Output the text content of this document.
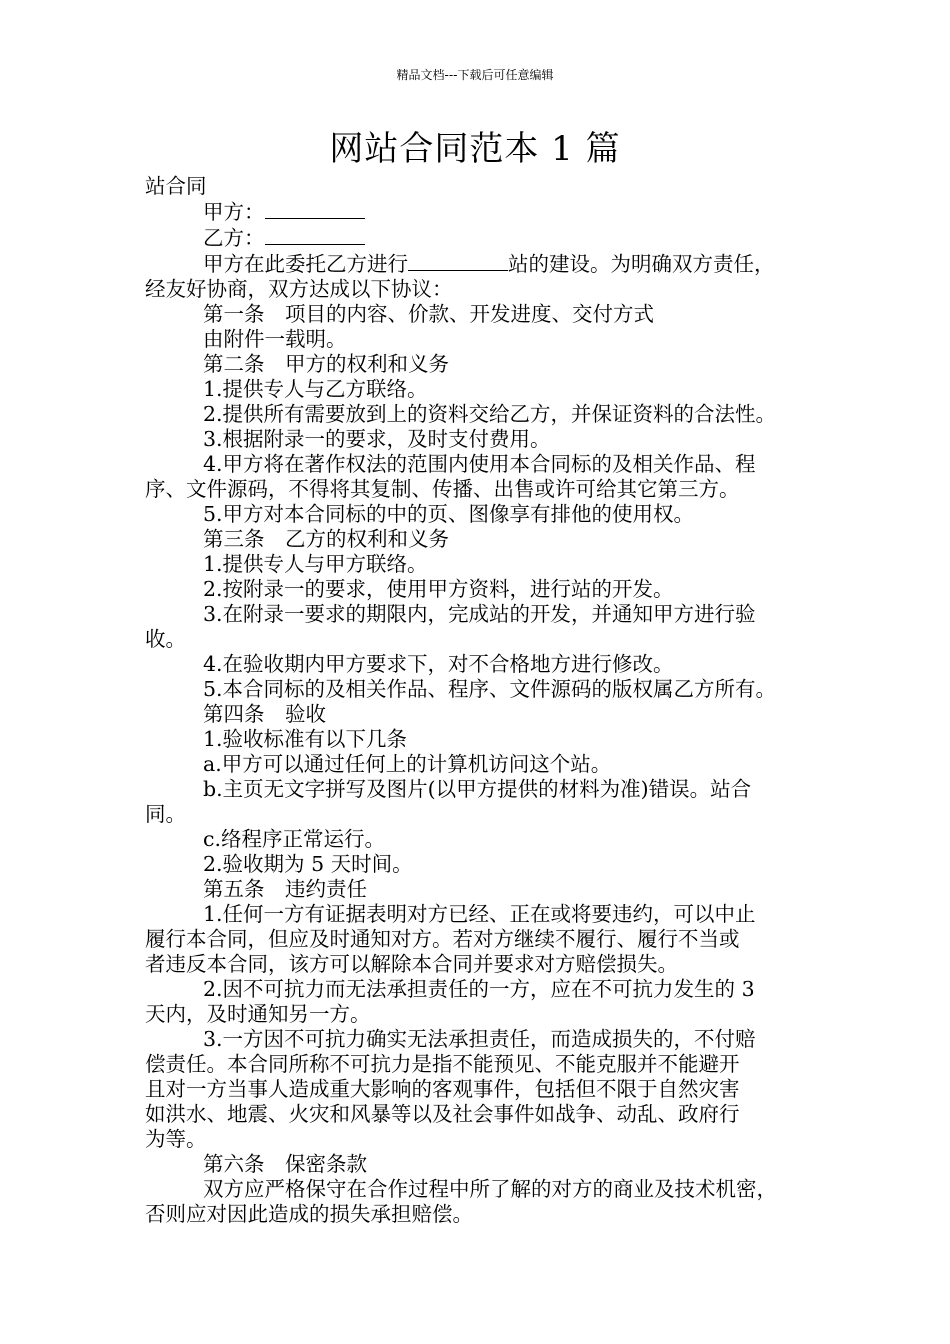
精品文档---下载后可任意编辑
网站合同范本 1 篇

站合同

甲方：

乙方：

甲方在此委托乙方进行	站的建设。为明确双方责任，

经友好协商，双方达成以下协议：

第一条　项目的内容、价款、开发进度、交付方式

由附件一载明。

第二条　甲方的权利和义务

1.提供专人与乙方联络。

2.提供所有需要放到上的资料交给乙方，并保证资料的合法性。

3.根据附录一的要求，及时支付费用。

4.甲方将在著作权法的范围内使用本合同标的及相关作品、程

序、文件源码，不得将其复制、传播、出售或许可给其它第三方。

5.甲方对本合同标的中的页、图像享有排他的使用权。

第三条　乙方的权利和义务

1.提供专人与甲方联络。

2.按附录一的要求，使用甲方资料，进行站的开发。

3.在附录一要求的期限内，完成站的开发，并通知甲方进行验

收。

4.在验收期内甲方要求下，对不合格地方进行修改。

5.本合同标的及相关作品、程序、文件源码的版权属乙方所有。

第四条　验收

1.验收标准有以下几条

a.甲方可以通过任何上的计算机访问这个站。

b.主页无文字拼写及图片(以甲方提供的材料为准)错误。站合

同。

c.络程序正常运行。

2.验收期为 5 天时间。

第五条　违约责任

1.任何一方有证据表明对方已经、正在或将要违约，可以中止

履行本合同，但应及时通知对方。若对方继续不履行、履行不当或

者违反本合同，该方可以解除本合同并要求对方赔偿损失。

2.因不可抗力而无法承担责任的一方，应在不可抗力发生的 3

天内，及时通知另一方。

3.一方因不可抗力确实无法承担责任，而造成损失的，不付赔

偿责任。本合同所称不可抗力是指不能预见、不能克服并不能避开

且对一方当事人造成重大影响的客观事件，包括但不限于自然灾害

如洪水、地震、火灾和风暴等以及社会事件如战争、动乱、政府行

为等。

第六条　保密条款

双方应严格保守在合作过程中所了解的对方的商业及技术机密，

否则应对因此造成的损失承担赔偿。
